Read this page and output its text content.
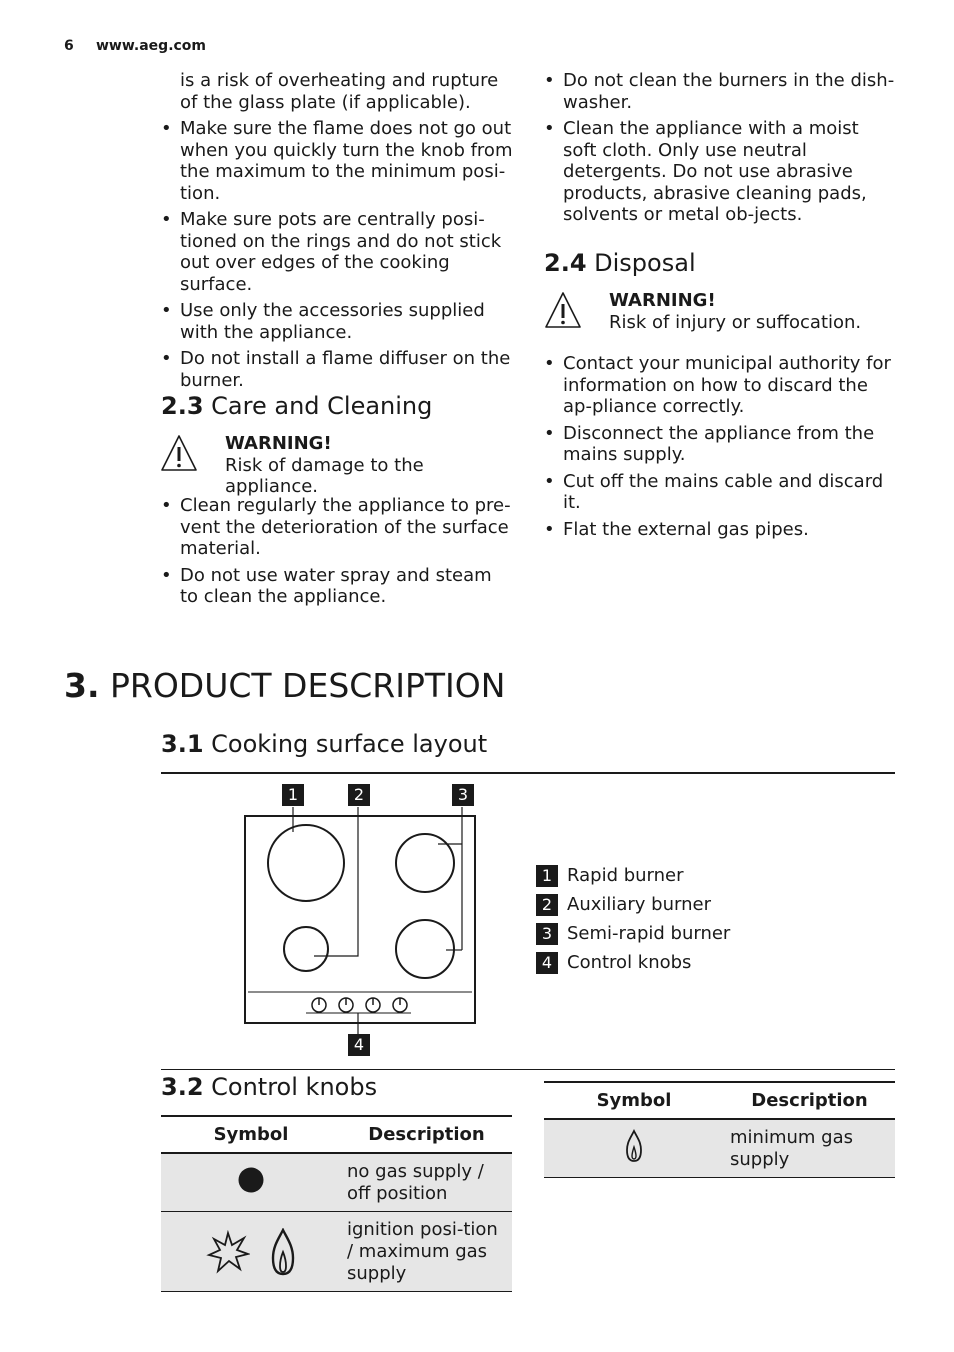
6 www.aeg.com

is a risk of overheating and rupture of the glass plate (if applicable).

• Make sure the flame does not go out when you quickly turn the knob from the maximum to the minimum posi-tion.
• Make sure pots are centrally posi-tioned on the rings and do not stick out over edges of the cooking surface.
• Use only the accessories supplied with the appliance.
• Do not install a flame diffuser on the burner.
2.3 Care and Cleaning
WARNING!
Risk of damage to the appliance.
• Clean regularly the appliance to pre-vent the deterioration of the surface material.
• Do not use water spray and steam to clean the appliance.
• Do not clean the burners in the dish-washer.
• Clean the appliance with a moist soft cloth. Only use neutral detergents. Do not use abrasive products, abrasive cleaning pads, solvents or metal ob-jects.
2.4 Disposal
WARNING!
Risk of injury or suffocation.
• Contact your municipal authority for information on how to discard the ap-pliance correctly.
• Disconnect the appliance from the mains supply.
• Cut off the mains cable and discard it.
• Flat the external gas pipes.
3. PRODUCT DESCRIPTION
3.1 Cooking surface layout
1	2	3
4
1 Rapid burner
2 Auxiliary burner
3 Semi-rapid burner
4 Control knobs
3.2 Control knobs
Symbol	Description
	no gas supply / off position
	ignition posi-tion / maximum gas supply
Symbol	Description
	minimum gas supply
